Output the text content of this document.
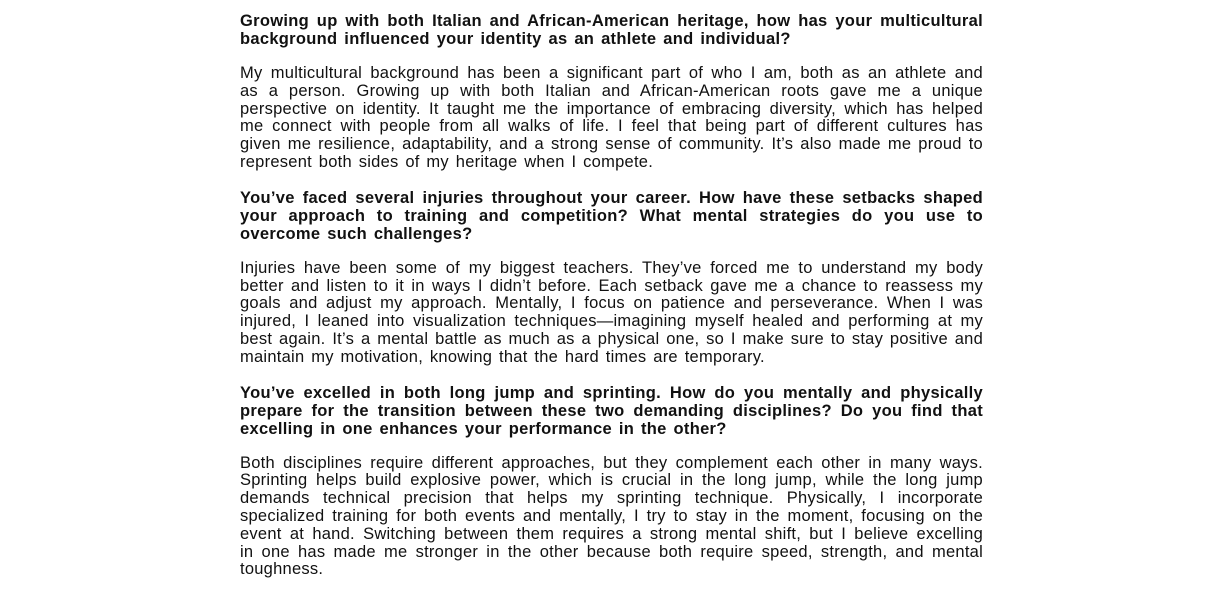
Growing up with both Italian and African-American heritage, how has your multicultural background influenced your identity as an athlete and individual?

My multicultural background has been a significant part of who I am, both as an athlete and as a person. Growing up with both Italian and African-American roots gave me a unique perspective on identity. It taught me the importance of embracing diversity, which has helped me connect with people from all walks of life. I feel that being part of different cultures has given me resilience, adaptability, and a strong sense of community. It’s also made me proud to represent both sides of my heritage when I compete.

You’ve faced several injuries throughout your career. How have these setbacks shaped your approach to training and competition? What mental strategies do you use to overcome such challenges?

Injuries have been some of my biggest teachers. They’ve forced me to understand my body better and listen to it in ways I didn’t before. Each setback gave me a chance to reassess my goals and adjust my approach. Mentally, I focus on patience and perseverance. When I was injured, I leaned into visualization techniques—imagining myself healed and performing at my best again. It’s a mental battle as much as a physical one, so I make sure to stay positive and maintain my motivation, knowing that the hard times are temporary.

You’ve excelled in both long jump and sprinting. How do you mentally and physically prepare for the transition between these two demanding disciplines? Do you find that excelling in one enhances your performance in the other?

Both disciplines require different approaches, but they complement each other in many ways. Sprinting helps build explosive power, which is crucial in the long jump, while the long jump demands technical precision that helps my sprinting technique. Physically, I incorporate specialized training for both events and mentally, I try to stay in the moment, focusing on the event at hand. Switching between them requires a strong mental shift, but I believe excelling in one has made me stronger in the other because both require speed, strength, and mental toughness.
